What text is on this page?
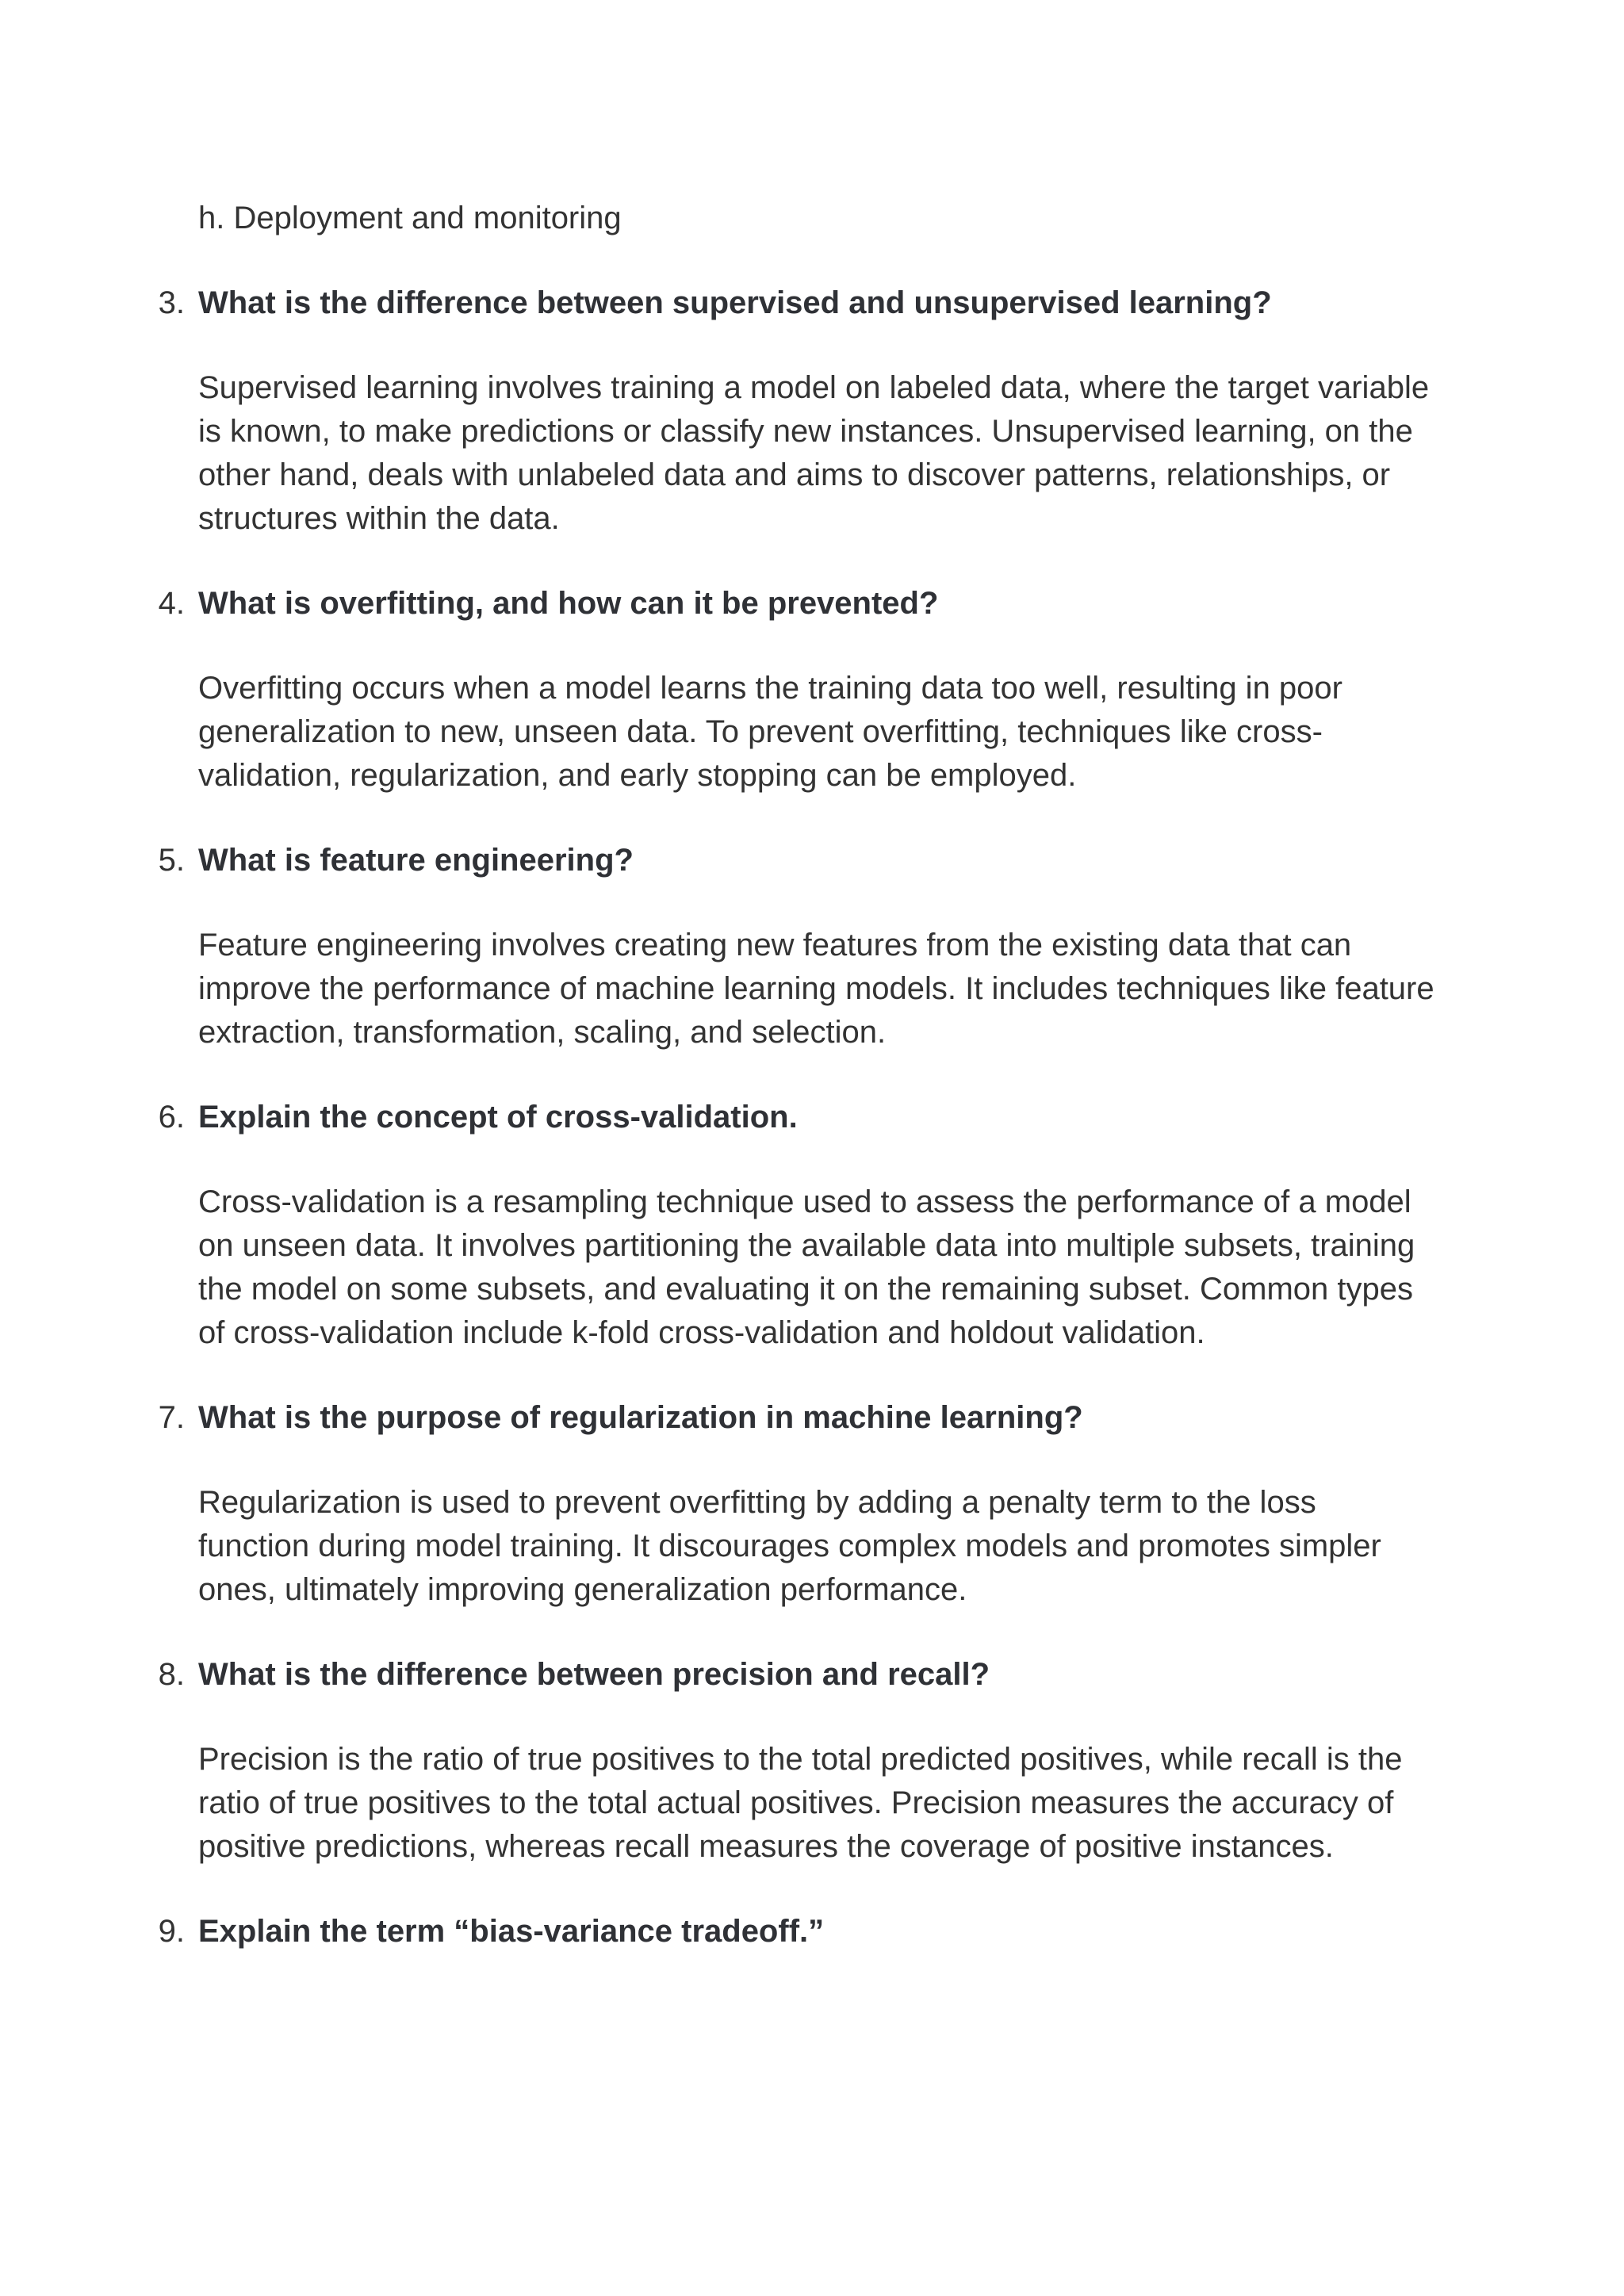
h. Deployment and monitoring

3. What is the difference between supervised and unsupervised learning?

Supervised learning involves training a model on labeled data, where the target variable is known, to make predictions or classify new instances. Unsupervised learning, on the other hand, deals with unlabeled data and aims to discover patterns, relationships, or structures within the data.

4. What is overfitting, and how can it be prevented?

Overfitting occurs when a model learns the training data too well, resulting in poor generalization to new, unseen data. To prevent overfitting, techniques like cross-validation, regularization, and early stopping can be employed.

5. What is feature engineering?

Feature engineering involves creating new features from the existing data that can improve the performance of machine learning models. It includes techniques like feature extraction, transformation, scaling, and selection.

6. Explain the concept of cross-validation.

Cross-validation is a resampling technique used to assess the performance of a model on unseen data. It involves partitioning the available data into multiple subsets, training the model on some subsets, and evaluating it on the remaining subset. Common types of cross-validation include k-fold cross-validation and holdout validation.

7. What is the purpose of regularization in machine learning?

Regularization is used to prevent overfitting by adding a penalty term to the loss function during model training. It discourages complex models and promotes simpler ones, ultimately improving generalization performance.

8. What is the difference between precision and recall?

Precision is the ratio of true positives to the total predicted positives, while recall is the ratio of true positives to the total actual positives. Precision measures the accuracy of positive predictions, whereas recall measures the coverage of positive instances.

9. Explain the term “bias-variance tradeoff.”
